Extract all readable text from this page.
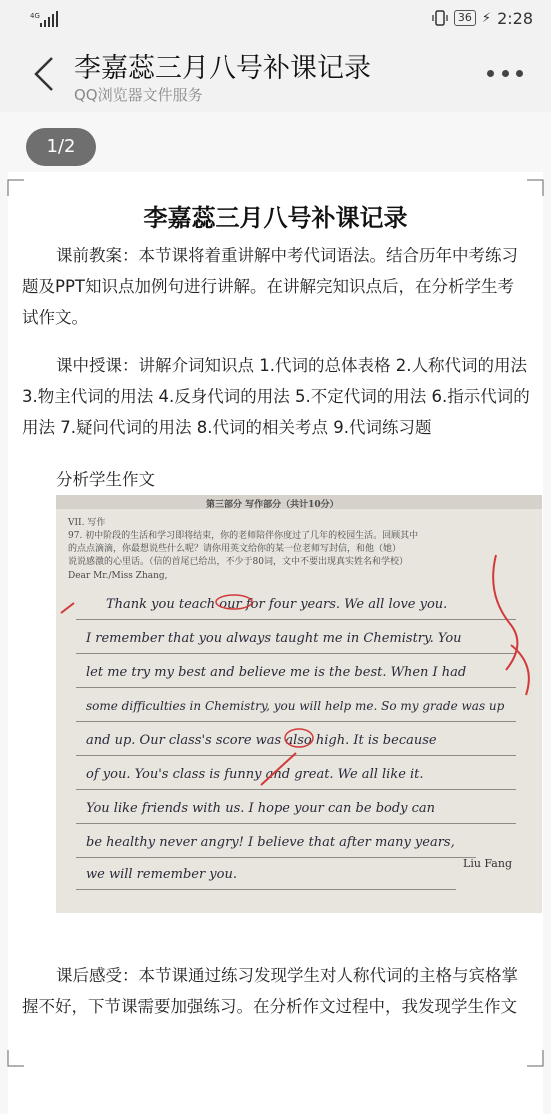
4G	36 ⚡ 2:28
李嘉蕊三月八号补课记录
QQ浏览器文件服务
1/2
李嘉蕊三月八号补课记录
课前教案：本节课将着重讲解中考代词语法。结合历年中考练习题及PPT知识点加例句进行讲解。在讲解完知识点后，在分析学生考试作文。
课中授课：讲解介词知识点 1.代词的总体表格 2.人称代词的用法 3.物主代词的用法 4.反身代词的用法 5.不定代词的用法 6.指示代词的用法 7.疑问代词的用法 8.代词的相关考点 9.代词练习题
分析学生作文
第三部分 写作部分（共计10分）
VII. 写作
97. 初中阶段的生活和学习即将结束，你的老师陪伴你度过了几年的校园生活。回顾其中
的点点滴滴，你最想说些什么呢？请你用英文给你的某一位老师写封信，和他（她）
说说感激的心里话。（信的首尾已给出，不少于80词，文中不要出现真实姓名和学校）
Dear Mr./Miss Zhang,
Thank you teach our for four years. We all love you.
I remember that you always taught me in Chemistry. You
let me try my best and believe me is the best. When I had
some difficulties in Chemistry, you will help me. So my grade was up
and up. Our class's score was also high. It is because
of you. You's class is funny and great. We all like it.
You like friends with us. I hope your can be body can
be healthy never angry! I believe that after many years,
we will remember you.
Liu Fang
课后感受：本节课通过练习发现学生对人称代词的主格与宾格掌握不好，下节课需要加强练习。在分析作文过程中，我发现学生作文
